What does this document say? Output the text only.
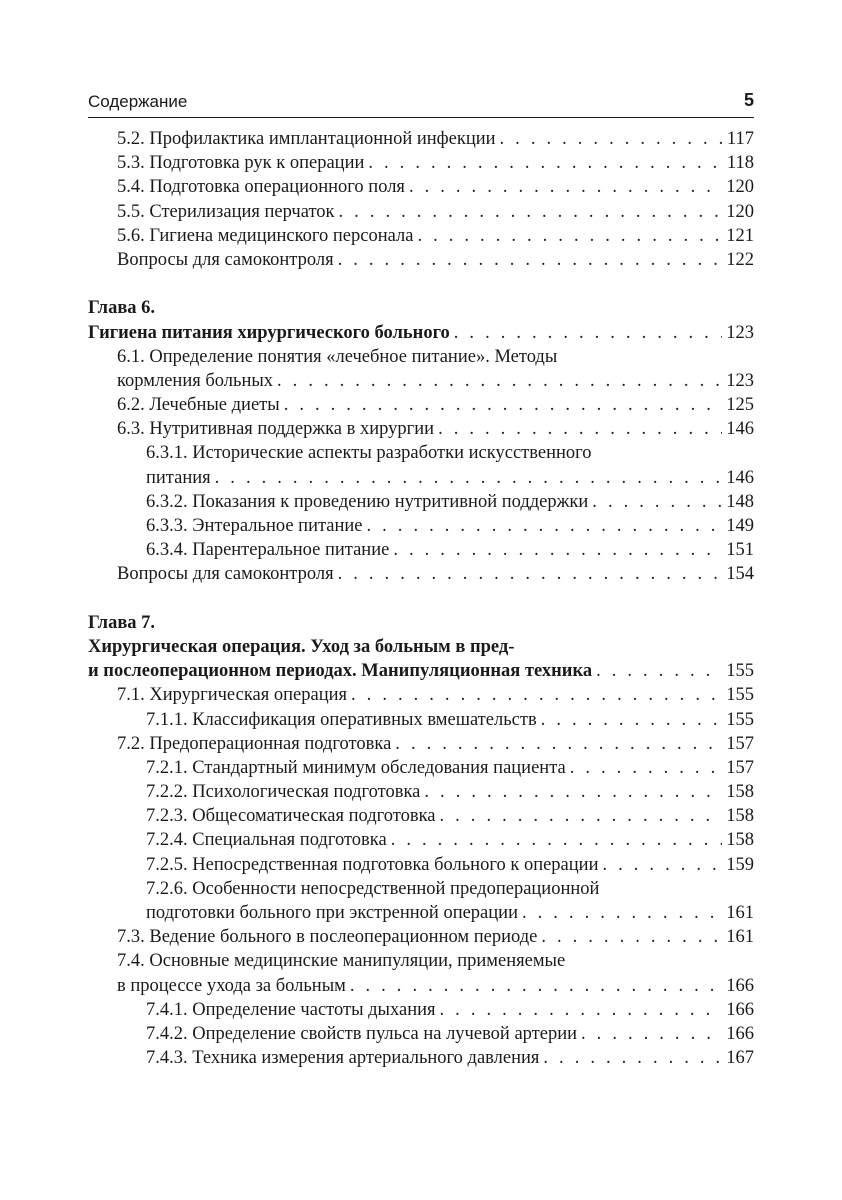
Содержание	5
5.2. Профилактика имплантационной инфекции . . .	117
5.3. Подготовка рук к операции . . .	118
5.4. Подготовка операционного поля . . .	120
5.5. Стерилизация перчаток . . .	120
5.6. Гигиена медицинского персонала . . .	121
Вопросы для самоконтроля . . .	122
Глава 6.
Гигиена питания хирургического больного . . .	123
6.1. Определение понятия «лечебное питание». Методы
кормления больных . . .	123
6.2. Лечебные диеты . . .	125
6.3. Нутритивная поддержка в хирургии . . .	146
6.3.1. Исторические аспекты разработки искусственного
питания . . .	146
6.3.2. Показания к проведению нутритивной поддержки . . .	148
6.3.3. Энтеральное питание . . .	149
6.3.4. Парентеральное питание . . .	151
Вопросы для самоконтроля . . .	154
Глава 7.
Хирургическая операция. Уход за больным в пред-
и послеоперационном периодах. Манипуляционная техника . . .	155
7.1. Хирургическая операция . . .	155
7.1.1. Классификация оперативных вмешательств . . .	155
7.2. Предоперационная подготовка . . .	157
7.2.1. Стандартный минимум обследования пациента . . .	157
7.2.2. Психологическая подготовка . . .	158
7.2.3. Общесоматическая подготовка . . .	158
7.2.4. Специальная подготовка . . .	158
7.2.5. Непосредственная подготовка больного к операции . . .	159
7.2.6. Особенности непосредственной предоперационной
подготовки больного при экстренной операции . . .	161
7.3. Ведение больного в послеоперационном периоде . . .	161
7.4. Основные медицинские манипуляции, применяемые
в процессе ухода за больным . . .	166
7.4.1. Определение частоты дыхания . . .	166
7.4.2. Определение свойств пульса на лучевой артерии . . .	166
7.4.3. Техника измерения артериального давления . . .	167
